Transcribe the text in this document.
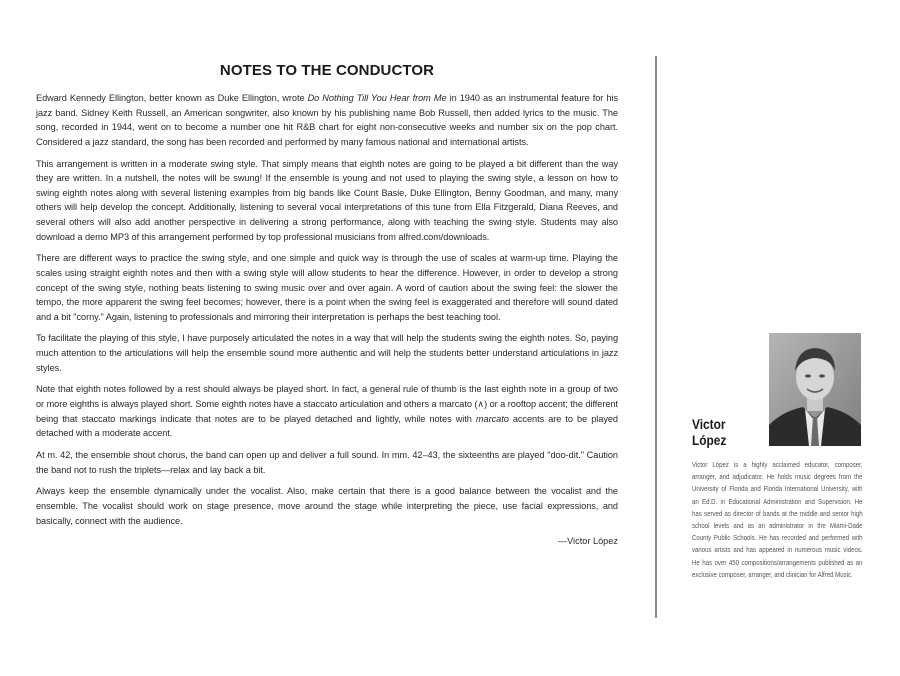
NOTES TO THE CONDUCTOR

Edward Kennedy Ellington, better known as Duke Ellington, wrote Do Nothing Till You Hear from Me in 1940 as an instrumental feature for his jazz band. Sidney Keith Russell, an American songwriter, also known by his publishing name Bob Russell, then added lyrics to the music. The song, recorded in 1944, went on to become a number one hit R&B chart for eight non-consecutive weeks and number six on the pop chart. Considered a jazz standard, the song has been recorded and performed by many famous national and international artists.

This arrangement is written in a moderate swing style. That simply means that eighth notes are going to be played a bit different than the way they are written. In a nutshell, the notes will be swung! If the ensemble is young and not used to playing the swing style, a lesson on how to swing eighth notes along with several listening examples from big bands like Count Basie, Duke Ellington, Benny Goodman, and many, many others will help develop the concept. Additionally, listening to several vocal interpretations of this tune from Ella Fitzgerald, Diana Reeves, and several others will also add another perspective in delivering a strong performance, along with teaching the swing style. Students may also download a demo MP3 of this arrangement performed by top professional musicians from alfred.com/downloads.

There are different ways to practice the swing style, and one simple and quick way is through the use of scales at warm-up time. Playing the scales using straight eighth notes and then with a swing style will allow students to hear the difference. However, in order to develop a strong concept of the swing style, nothing beats listening to swing music over and over again. A word of caution about the swing feel: the slower the tempo, the more apparent the swing feel becomes; however, there is a point when the swing feel is exaggerated and therefore will sound dated and a bit "corny." Again, listening to professionals and mirroring their interpretation is perhaps the best teaching tool.

To facilitate the playing of this style, I have purposely articulated the notes in a way that will help the students swing the eighth notes. So, paying much attention to the articulations will help the ensemble sound more authentic and will help the students better understand articulations in jazz styles.

Note that eighth notes followed by a rest should always be played short. In fact, a general rule of thumb is the last eighth note in a group of two or more eighths is always played short. Some eighth notes have a staccato articulation and others a marcato (∧) or a rooftop accent; the different being that staccato markings indicate that notes are to be played detached and lightly, while notes with marcato accents are to be played detached with a moderate accent.

At m. 42, the ensemble shout chorus, the band can open up and deliver a full sound. In mm. 42–43, the sixteenths are played "doo-dit." Caution the band not to rush the triplets—relax and lay back a bit.

Always keep the ensemble dynamically under the vocalist. Also, make certain that there is a good balance between the vocalist and the ensemble. The vocalist should work on stage presence, move around the stage while interpreting the piece, use facial expressions, and basically, connect with the audience.

—Victor López
Victor
López
Victor López is a highly acclaimed educator, composer, arranger, and adjudicator. He holds music degrees from the University of Florida and Florida International University, with an Ed.D. in Educational Administration and Supervision. He has served as director of bands at the middle and senior high school levels and as an administrator in the Miami-Dade County Public Schools. He has recorded and performed with various artists and has appeared in numerous music videos. He has over 450 compositions/arrangements published as an exclusive composer, arranger, and clinician for Alfred Music.
